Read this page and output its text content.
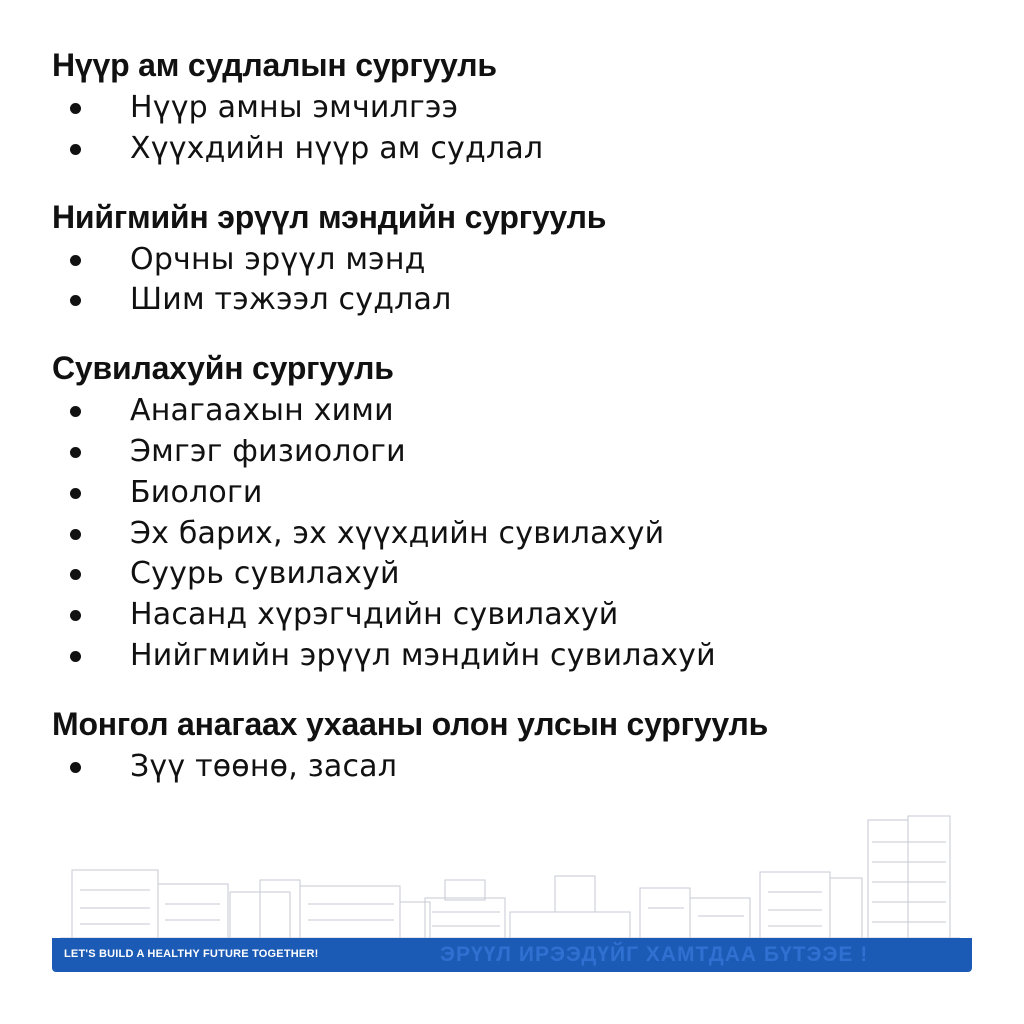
Нүүр ам судлалын сургууль
Нүүр амны эмчилгээ
Хүүхдийн нүүр ам судлал
Нийгмийн эрүүл мэндийн сургууль
Орчны эрүүл мэнд
Шим тэжээл судлал
Сувилахуйн сургууль
Анагаахын хими
Эмгэг физиологи
Биологи
Эх барих, эх хүүхдийн сувилахуй
Суурь сувилахуй
Насанд хүрэгчдийн сувилахуй
Нийгмийн эрүүл мэндийн сувилахуй
Монгол анагаах ухааны олон улсын сургууль
Зүү төөнө, засал
LET'S BUILD A HEALTHY FUTURE TOGETHER!	ЭРҮҮЛ ИРЭЭДҮЙГ ХАМТДАА БҮТЭЭЕ !
